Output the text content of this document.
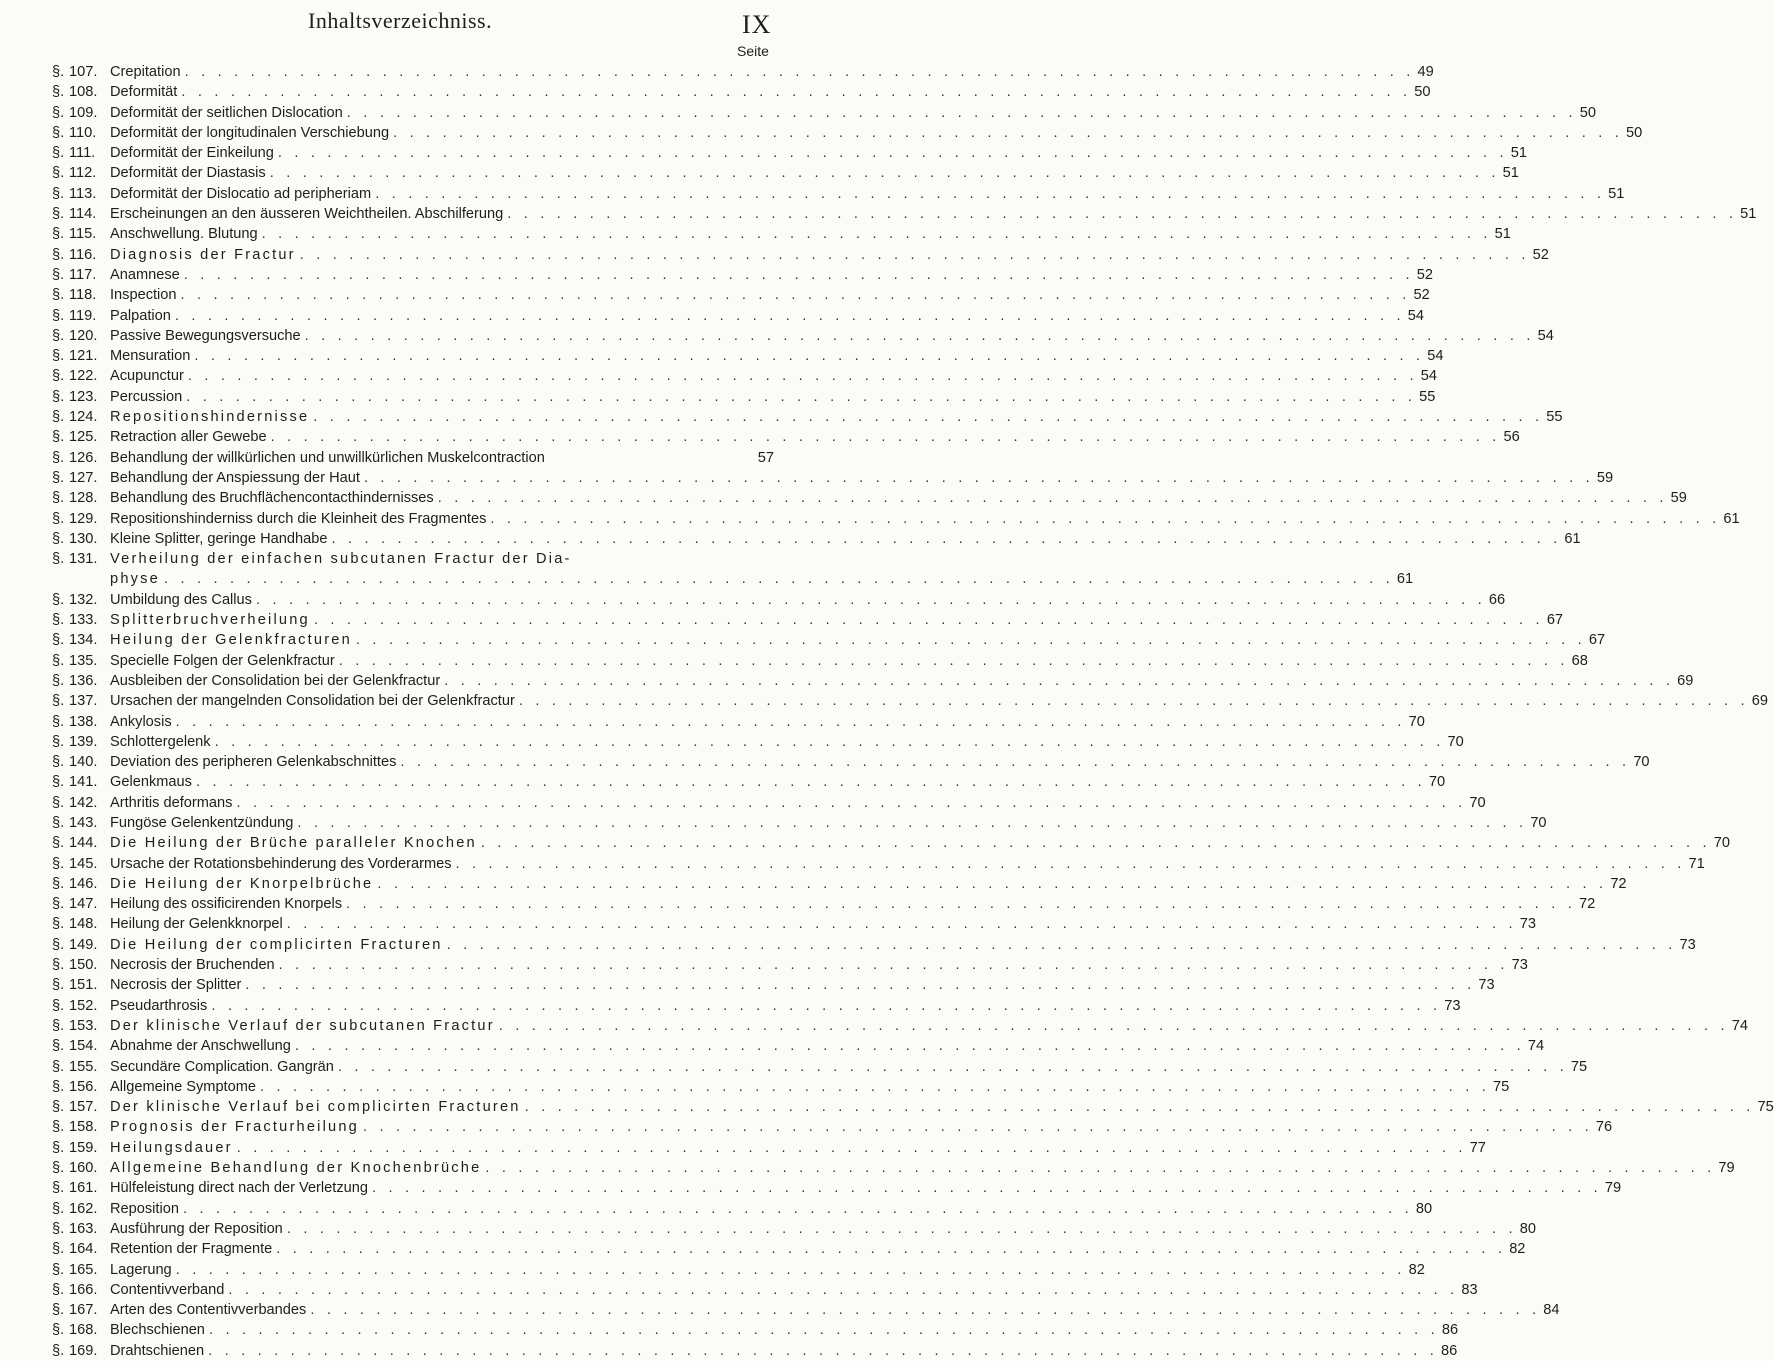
Inhaltsverzeichniss.	IX
Seite
§. 107. Crepitation . . . . . . . . . . . . . . . . . . . . . . . . . . . . . . . . . . . . . . . . . . . . . . . . . . . . . . . . . . . . . . . . . . . . . . . . . . . 49
§. 108. Deformität . . . . . . . . . . . . . . . . . . . . . . . . . . . . . . . . . . . . . . . . . . . . . . . . . . . . . . . . . . . . . . . . . . . . . . . . . . . 50
§. 109. Deformität der seitlichen Dislocation . . . . . . . . . . . . . . . . . . . . . . . . . . . . . . . . . . . . . . . . . . . . . . . . . . . . . . . . . . . . . . . . . . . . . . . . . . . 50
§. 110. Deformität der longitudinalen Verschiebung . . . . . . . . . . . . . . . . . . . . . . . . . . . . . . . . . . . . . . . . . . . . . . . . . . . . . . . . . . . . . . . . . . . . . . . . . . . 50
§. 111. Deformität der Einkeilung . . . . . . . . . . . . . . . . . . . . . . . . . . . . . . . . . . . . . . . . . . . . . . . . . . . . . . . . . . . . . . . . . . . . . . . . . . . 51
§. 112. Deformität der Diastasis . . . . . . . . . . . . . . . . . . . . . . . . . . . . . . . . . . . . . . . . . . . . . . . . . . . . . . . . . . . . . . . . . . . . . . . . . . . 51
§. 113. Deformität der Dislocatio ad peripheriam . . . . . . . . . . . . . . . . . . . . . . . . . . . . . . . . . . . . . . . . . . . . . . . . . . . . . . . . . . . . . . . . . . . . . . . . . . . 51
§. 114. Erscheinungen an den äusseren Weichtheilen. Abschilferung . . . . . . . . . . . . . . . . . . . . . . . . . . . . . . . . . . . . . . . . . . . . . . . . . . . . . . . . . . . . . . . . . . . . . . . . . . . 51
§. 115. Anschwellung. Blutung . . . . . . . . . . . . . . . . . . . . . . . . . . . . . . . . . . . . . . . . . . . . . . . . . . . . . . . . . . . . . . . . . . . . . . . . . . . 51
§. 116. Diagnosis der Fractur . . . . . . . . . . . . . . . . . . . . . . . . . . . . . . . . . . . . . . . . . . . . . . . . . . . . . . . . . . . . . . . . . . . . . . . . . . . 52
§. 117. Anamnese . . . . . . . . . . . . . . . . . . . . . . . . . . . . . . . . . . . . . . . . . . . . . . . . . . . . . . . . . . . . . . . . . . . . . . . . . . . 52
§. 118. Inspection . . . . . . . . . . . . . . . . . . . . . . . . . . . . . . . . . . . . . . . . . . . . . . . . . . . . . . . . . . . . . . . . . . . . . . . . . . . 52
§. 119. Palpation . . . . . . . . . . . . . . . . . . . . . . . . . . . . . . . . . . . . . . . . . . . . . . . . . . . . . . . . . . . . . . . . . . . . . . . . . . . 54
§. 120. Passive Bewegungsversuche . . . . . . . . . . . . . . . . . . . . . . . . . . . . . . . . . . . . . . . . . . . . . . . . . . . . . . . . . . . . . . . . . . . . . . . . . . . 54
§. 121. Mensuration . . . . . . . . . . . . . . . . . . . . . . . . . . . . . . . . . . . . . . . . . . . . . . . . . . . . . . . . . . . . . . . . . . . . . . . . . . . 54
§. 122. Acupunctur . . . . . . . . . . . . . . . . . . . . . . . . . . . . . . . . . . . . . . . . . . . . . . . . . . . . . . . . . . . . . . . . . . . . . . . . . . . 54
§. 123. Percussion . . . . . . . . . . . . . . . . . . . . . . . . . . . . . . . . . . . . . . . . . . . . . . . . . . . . . . . . . . . . . . . . . . . . . . . . . . . 55
§. 124. Repositionshindernisse . . . . . . . . . . . . . . . . . . . . . . . . . . . . . . . . . . . . . . . . . . . . . . . . . . . . . . . . . . . . . . . . . . . . . . . . . . . 55
§. 125. Retraction aller Gewebe . . . . . . . . . . . . . . . . . . . . . . . . . . . . . . . . . . . . . . . . . . . . . . . . . . . . . . . . . . . . . . . . . . . . . . . . . . . 56
§. 126. Behandlung der willkürlichen und unwillkürlichen Muskelcontraction	57
§. 127. Behandlung der Anspiessung der Haut . . . . . . . . . . . . . . . . . . . . . . . . . . . . . . . . . . . . . . . . . . . . . . . . . . . . . . . . . . . . . . . . . . . . . . . . . . . 59
§. 128. Behandlung des Bruchflächencontacthindernisses . . . . . . . . . . . . . . . . . . . . . . . . . . . . . . . . . . . . . . . . . . . . . . . . . . . . . . . . . . . . . . . . . . . . . . . . . . . 59
§. 129. Repositionshinderniss durch die Kleinheit des Fragmentes . . . . . . . . . . . . . . . . . . . . . . . . . . . . . . . . . . . . . . . . . . . . . . . . . . . . . . . . . . . . . . . . . . . . . . . . . . . 61
§. 130. Kleine Splitter, geringe Handhabe . . . . . . . . . . . . . . . . . . . . . . . . . . . . . . . . . . . . . . . . . . . . . . . . . . . . . . . . . . . . . . . . . . . . . . . . . . . 61
§. 131. Verheilung der einfachen subcutanen Fractur der Dia-
physe . . . . . . . . . . . . . . . . . . . . . . . . . . . . . . . . . . . . . . . . . . . . . . . . . . . . . . . . . . . . . . . . . . . . . . . . . . . 61
§. 132. Umbildung des Callus . . . . . . . . . . . . . . . . . . . . . . . . . . . . . . . . . . . . . . . . . . . . . . . . . . . . . . . . . . . . . . . . . . . . . . . . . . . 66
§. 133. Splitterbruchverheilung . . . . . . . . . . . . . . . . . . . . . . . . . . . . . . . . . . . . . . . . . . . . . . . . . . . . . . . . . . . . . . . . . . . . . . . . . . . 67
§. 134. Heilung der Gelenkfracturen . . . . . . . . . . . . . . . . . . . . . . . . . . . . . . . . . . . . . . . . . . . . . . . . . . . . . . . . . . . . . . . . . . . . . . . . . . . 67
§. 135. Specielle Folgen der Gelenkfractur . . . . . . . . . . . . . . . . . . . . . . . . . . . . . . . . . . . . . . . . . . . . . . . . . . . . . . . . . . . . . . . . . . . . . . . . . . . 68
§. 136. Ausbleiben der Consolidation bei der Gelenkfractur . . . . . . . . . . . . . . . . . . . . . . . . . . . . . . . . . . . . . . . . . . . . . . . . . . . . . . . . . . . . . . . . . . . . . . . . . . . 69
§. 137. Ursachen der mangelnden Consolidation bei der Gelenkfractur . . . . . . . . . . . . . . . . . . . . . . . . . . . . . . . . . . . . . . . . . . . . . . . . . . . . . . . . . . . . . . . . . . . . . . . . . . . 69
§. 138. Ankylosis . . . . . . . . . . . . . . . . . . . . . . . . . . . . . . . . . . . . . . . . . . . . . . . . . . . . . . . . . . . . . . . . . . . . . . . . . . . 70
§. 139. Schlottergelenk . . . . . . . . . . . . . . . . . . . . . . . . . . . . . . . . . . . . . . . . . . . . . . . . . . . . . . . . . . . . . . . . . . . . . . . . . . . 70
§. 140. Deviation des peripheren Gelenkabschnittes . . . . . . . . . . . . . . . . . . . . . . . . . . . . . . . . . . . . . . . . . . . . . . . . . . . . . . . . . . . . . . . . . . . . . . . . . . . 70
§. 141. Gelenkmaus . . . . . . . . . . . . . . . . . . . . . . . . . . . . . . . . . . . . . . . . . . . . . . . . . . . . . . . . . . . . . . . . . . . . . . . . . . . 70
§. 142. Arthritis deformans . . . . . . . . . . . . . . . . . . . . . . . . . . . . . . . . . . . . . . . . . . . . . . . . . . . . . . . . . . . . . . . . . . . . . . . . . . . 70
§. 143. Fungöse Gelenkentzündung . . . . . . . . . . . . . . . . . . . . . . . . . . . . . . . . . . . . . . . . . . . . . . . . . . . . . . . . . . . . . . . . . . . . . . . . . . . 70
§. 144. Die Heilung der Brüche paralleler Knochen . . . . . . . . . . . . . . . . . . . . . . . . . . . . . . . . . . . . . . . . . . . . . . . . . . . . . . . . . . . . . . . . . . . . . . . . . . . 70
§. 145. Ursache der Rotationsbehinderung des Vorderarmes . . . . . . . . . . . . . . . . . . . . . . . . . . . . . . . . . . . . . . . . . . . . . . . . . . . . . . . . . . . . . . . . . . . . . . . . . . . 71
§. 146. Die Heilung der Knorpelbrüche . . . . . . . . . . . . . . . . . . . . . . . . . . . . . . . . . . . . . . . . . . . . . . . . . . . . . . . . . . . . . . . . . . . . . . . . . . . 72
§. 147. Heilung des ossificirenden Knorpels . . . . . . . . . . . . . . . . . . . . . . . . . . . . . . . . . . . . . . . . . . . . . . . . . . . . . . . . . . . . . . . . . . . . . . . . . . . 72
§. 148. Heilung der Gelenkknorpel . . . . . . . . . . . . . . . . . . . . . . . . . . . . . . . . . . . . . . . . . . . . . . . . . . . . . . . . . . . . . . . . . . . . . . . . . . . 73
§. 149. Die Heilung der complicirten Fracturen . . . . . . . . . . . . . . . . . . . . . . . . . . . . . . . . . . . . . . . . . . . . . . . . . . . . . . . . . . . . . . . . . . . . . . . . . . . 73
§. 150. Necrosis der Bruchenden . . . . . . . . . . . . . . . . . . . . . . . . . . . . . . . . . . . . . . . . . . . . . . . . . . . . . . . . . . . . . . . . . . . . . . . . . . . 73
§. 151. Necrosis der Splitter . . . . . . . . . . . . . . . . . . . . . . . . . . . . . . . . . . . . . . . . . . . . . . . . . . . . . . . . . . . . . . . . . . . . . . . . . . . 73
§. 152. Pseudarthrosis . . . . . . . . . . . . . . . . . . . . . . . . . . . . . . . . . . . . . . . . . . . . . . . . . . . . . . . . . . . . . . . . . . . . . . . . . . . 73
§. 153. Der klinische Verlauf der subcutanen Fractur . . . . . . . . . . . . . . . . . . . . . . . . . . . . . . . . . . . . . . . . . . . . . . . . . . . . . . . . . . . . . . . . . . . . . . . . . . . 74
§. 154. Abnahme der Anschwellung . . . . . . . . . . . . . . . . . . . . . . . . . . . . . . . . . . . . . . . . . . . . . . . . . . . . . . . . . . . . . . . . . . . . . . . . . . . 74
§. 155. Secundäre Complication. Gangrän . . . . . . . . . . . . . . . . . . . . . . . . . . . . . . . . . . . . . . . . . . . . . . . . . . . . . . . . . . . . . . . . . . . . . . . . . . . 75
§. 156. Allgemeine Symptome . . . . . . . . . . . . . . . . . . . . . . . . . . . . . . . . . . . . . . . . . . . . . . . . . . . . . . . . . . . . . . . . . . . . . . . . . . . 75
§. 157. Der klinische Verlauf bei complicirten Fracturen . . . . . . . . . . . . . . . . . . . . . . . . . . . . . . . . . . . . . . . . . . . . . . . . . . . . . . . . . . . . . . . . . . . . . . . . . . . 75
§. 158. Prognosis der Fracturheilung . . . . . . . . . . . . . . . . . . . . . . . . . . . . . . . . . . . . . . . . . . . . . . . . . . . . . . . . . . . . . . . . . . . . . . . . . . . 76
§. 159. Heilungsdauer . . . . . . . . . . . . . . . . . . . . . . . . . . . . . . . . . . . . . . . . . . . . . . . . . . . . . . . . . . . . . . . . . . . . . . . . . . . 77
§. 160. Allgemeine Behandlung der Knochenbrüche . . . . . . . . . . . . . . . . . . . . . . . . . . . . . . . . . . . . . . . . . . . . . . . . . . . . . . . . . . . . . . . . . . . . . . . . . . . 79
§. 161. Hülfeleistung direct nach der Verletzung . . . . . . . . . . . . . . . . . . . . . . . . . . . . . . . . . . . . . . . . . . . . . . . . . . . . . . . . . . . . . . . . . . . . . . . . . . . 79
§. 162. Reposition . . . . . . . . . . . . . . . . . . . . . . . . . . . . . . . . . . . . . . . . . . . . . . . . . . . . . . . . . . . . . . . . . . . . . . . . . . . 80
§. 163. Ausführung der Reposition . . . . . . . . . . . . . . . . . . . . . . . . . . . . . . . . . . . . . . . . . . . . . . . . . . . . . . . . . . . . . . . . . . . . . . . . . . . 80
§. 164. Retention der Fragmente . . . . . . . . . . . . . . . . . . . . . . . . . . . . . . . . . . . . . . . . . . . . . . . . . . . . . . . . . . . . . . . . . . . . . . . . . . . 82
§. 165. Lagerung . . . . . . . . . . . . . . . . . . . . . . . . . . . . . . . . . . . . . . . . . . . . . . . . . . . . . . . . . . . . . . . . . . . . . . . . . . . 82
§. 166. Contentivverband . . . . . . . . . . . . . . . . . . . . . . . . . . . . . . . . . . . . . . . . . . . . . . . . . . . . . . . . . . . . . . . . . . . . . . . . . . . 83
§. 167. Arten des Contentivverbandes . . . . . . . . . . . . . . . . . . . . . . . . . . . . . . . . . . . . . . . . . . . . . . . . . . . . . . . . . . . . . . . . . . . . . . . . . . . 84
§. 168. Blechschienen . . . . . . . . . . . . . . . . . . . . . . . . . . . . . . . . . . . . . . . . . . . . . . . . . . . . . . . . . . . . . . . . . . . . . . . . . . . 86
§. 169. Drahtschienen . . . . . . . . . . . . . . . . . . . . . . . . . . . . . . . . . . . . . . . . . . . . . . . . . . . . . . . . . . . . . . . . . . . . . . . . . . . 86
